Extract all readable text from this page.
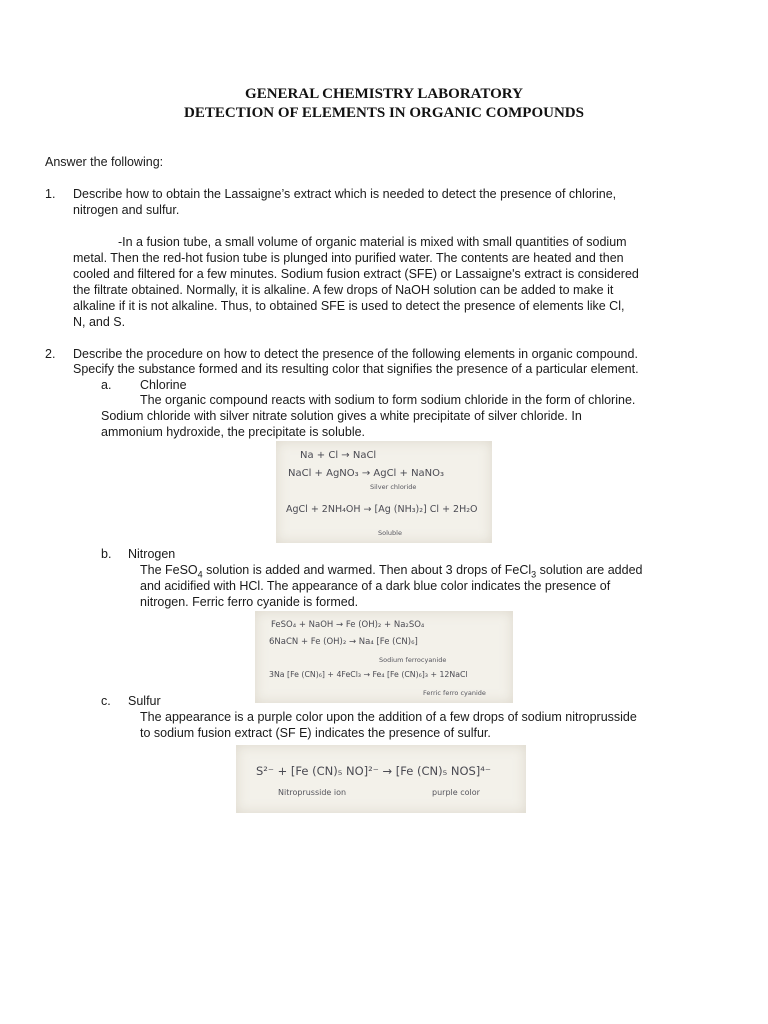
GENERAL CHEMISTRY LABORATORY
DETECTION OF ELEMENTS IN ORGANIC COMPOUNDS
Answer the following:
1. Describe how to obtain the Lassaigne’s extract which is needed to detect the presence of chlorine,
nitrogen and sulfur.
-In a fusion tube, a small volume of organic material is mixed with small quantities of sodium
metal. Then the red-hot fusion tube is plunged into purified water. The contents are heated and then
cooled and filtered for a few minutes. Sodium fusion extract (SFE) or Lassaigne's extract is considered
the filtrate obtained. Normally, it is alkaline. A few drops of NaOH solution can be added to make it
alkaline if it is not alkaline. Thus, to obtained SFE is used to detect the presence of elements like Cl,
N, and S.
2. Describe the procedure on how to detect the presence of the following elements in organic compound.
Specify the substance formed and its resulting color that signifies the presence of a particular element.
a. Chlorine
The organic compound reacts with sodium to form sodium chloride in the form of chlorine.
Sodium chloride with silver nitrate solution gives a white precipitate of silver chloride. In
ammonium hydroxide, the precipitate is soluble.
Na + Cl → NaCl
NaCl + AgNO₃ → AgCl + NaNO₃
Silver chloride
AgCl + 2NH₄OH → [Ag (NH₃)₂] Cl + 2H₂O
Soluble
b. Nitrogen
The FeSO$_4$ solution is added and warmed. Then about 3 drops of FeCl$_3$ solution are added
and acidified with HCl. The appearance of a dark blue color indicates the presence of
nitrogen. Ferric ferro cyanide is formed.
FeSO₄ + NaOH → Fe (OH)₂ + Na₂SO₄
6NaCN + Fe (OH)₂ → Na₄ [Fe (CN)₆]
Sodium ferrocyanide
3Na [Fe (CN)₆] + 4FeCl₃ → Fe₄ [Fe (CN)₆]₃ + 12NaCl
Ferric ferro cyanide
c. Sulfur
The appearance is a purple color upon the addition of a few drops of sodium nitroprusside
to sodium fusion extract (SF E) indicates the presence of sulfur.
S²⁻ + [Fe (CN)₅ NO]²⁻ → [Fe (CN)₅ NOS]⁴⁻
Nitroprusside ion	purple color
